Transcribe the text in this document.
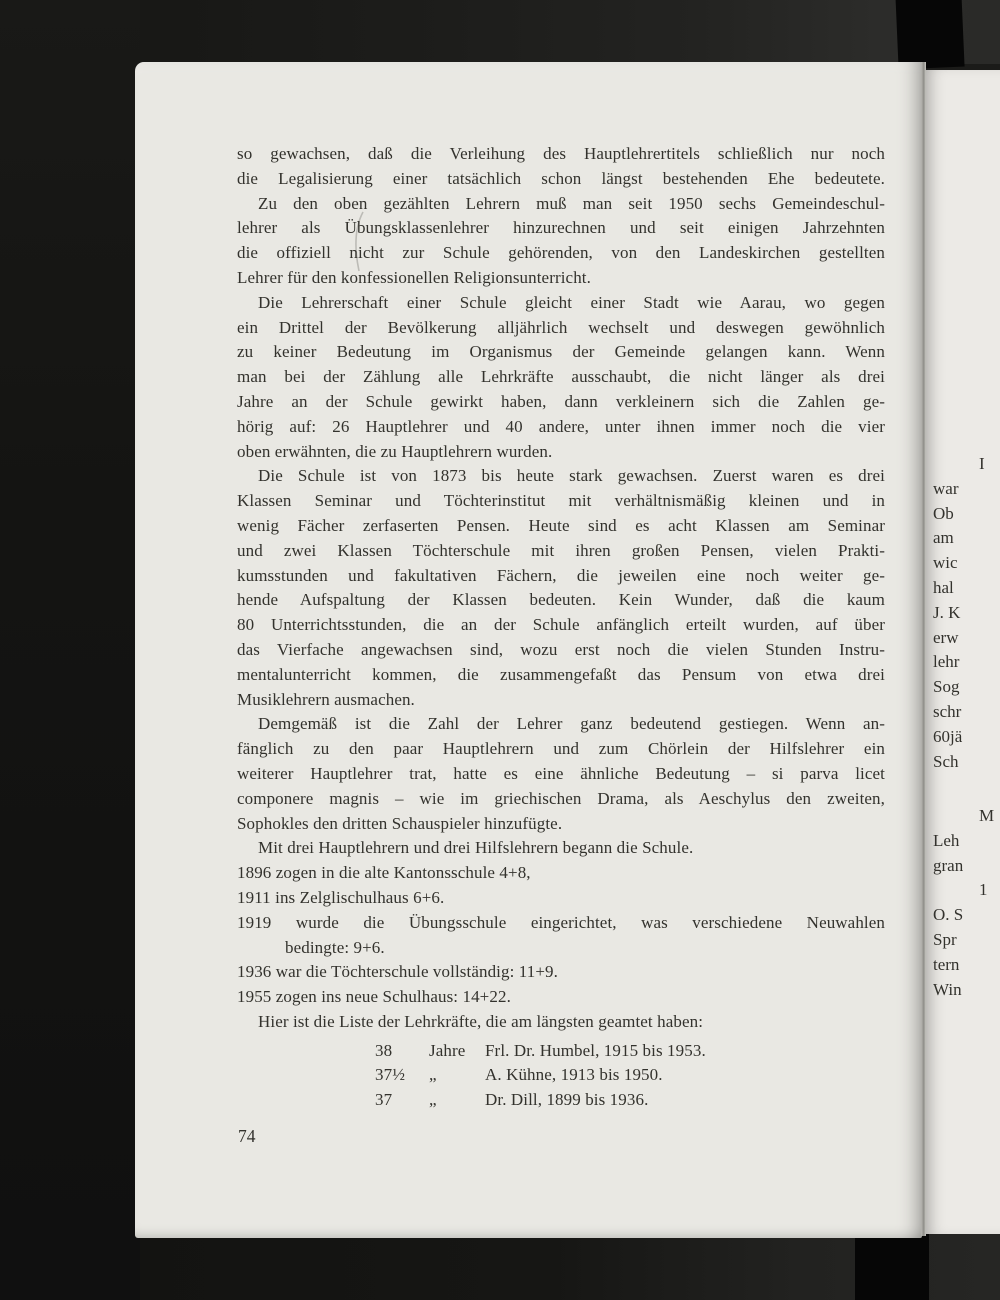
so gewachsen, daß die Verleihung des Hauptlehrertitels schließlich nur noch
die Legalisierung einer tatsächlich schon längst bestehenden Ehe bedeutete.
Zu den oben gezählten Lehrern muß man seit 1950 sechs Gemeindeschul-
lehrer als Übungsklassenlehrer hinzurechnen und seit einigen Jahrzehnten
die offiziell nicht zur Schule gehörenden, von den Landeskirchen gestellten
Lehrer für den konfessionellen Religionsunterricht.
Die Lehrerschaft einer Schule gleicht einer Stadt wie Aarau, wo gegen
ein Drittel der Bevölkerung alljährlich wechselt und deswegen gewöhnlich
zu keiner Bedeutung im Organismus der Gemeinde gelangen kann. Wenn
man bei der Zählung alle Lehrkräfte ausschaubt, die nicht länger als drei
Jahre an der Schule gewirkt haben, dann verkleinern sich die Zahlen ge-
hörig auf: 26 Hauptlehrer und 40 andere, unter ihnen immer noch die vier
oben erwähnten, die zu Hauptlehrern wurden.
Die Schule ist von 1873 bis heute stark gewachsen. Zuerst waren es drei
Klassen Seminar und Töchterinstitut mit verhältnismäßig kleinen und in
wenig Fächer zerfaserten Pensen. Heute sind es acht Klassen am Seminar
und zwei Klassen Töchterschule mit ihren großen Pensen, vielen Prakti-
kumsstunden und fakultativen Fächern, die jeweilen eine noch weiter ge-
hende Aufspaltung der Klassen bedeuten. Kein Wunder, daß die kaum
80 Unterrichtsstunden, die an der Schule anfänglich erteilt wurden, auf über
das Vierfache angewachsen sind, wozu erst noch die vielen Stunden Instru-
mentalunterricht kommen, die zusammengefaßt das Pensum von etwa drei
Musiklehrern ausmachen.
Demgemäß ist die Zahl der Lehrer ganz bedeutend gestiegen. Wenn an-
fänglich zu den paar Hauptlehrern und zum Chörlein der Hilfslehrer ein
weiterer Hauptlehrer trat, hatte es eine ähnliche Bedeutung – si parva licet
componere magnis – wie im griechischen Drama, als Aeschylus den zweiten,
Sophokles den dritten Schauspieler hinzufügte.
Mit drei Hauptlehrern und drei Hilfslehrern begann die Schule.
1896 zogen in die alte Kantonsschule 4+8,
1911 ins Zelglischulhaus 6+6.
1919 wurde die Übungsschule eingerichtet, was verschiedene Neuwahlen
bedingte: 9+6.
1936 war die Töchterschule vollständig: 11+9.
1955 zogen ins neue Schulhaus: 14+22.
Hier ist die Liste der Lehrkräfte, die am längsten geamtet haben:
38	Jahre	Frl. Dr. Humbel, 1915 bis 1953.
37½	„	A. Kühne, 1913 bis 1950.
37	„	Dr. Dill, 1899 bis 1936.
74
I
war
Ob
am
wic
hal
J. K
erw
lehr
Sog
schr
60jä
Sch
M
Leh
gran
1
O. S
Spr
tern
Win
